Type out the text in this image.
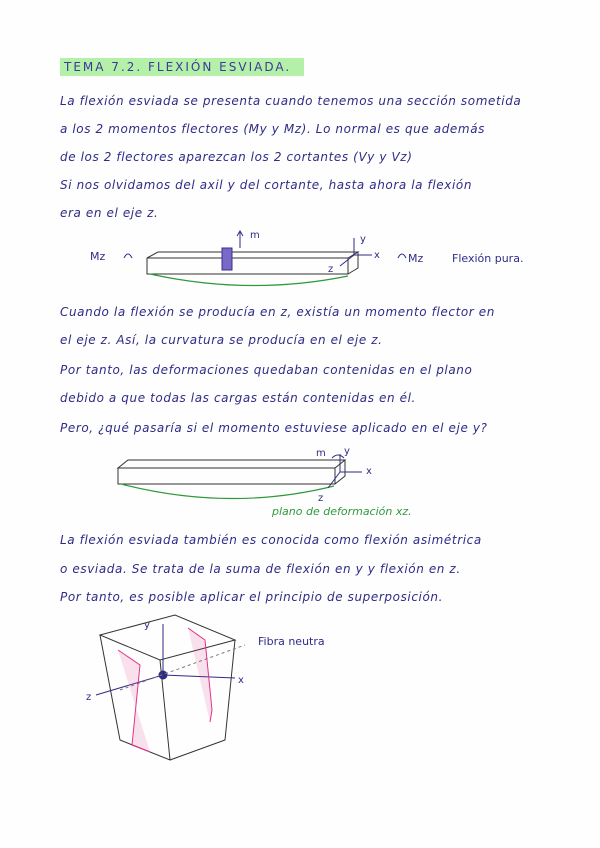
TEMA 7.2. FLEXIÓN ESVIADA.
La flexión esviada se presenta cuando tenemos una sección sometida
a los 2 momentos flectores (My y Mz). Lo normal es que además
de los 2 flectores aparezcan los 2 cortantes (Vy y Vz)
Si nos olvidamos del axil y del cortante, hasta ahora la flexión
era en el eje z.
Mz
m	y
x
z
Mz	Flexión pura.
Cuando la flexión se producía en z, existía un momento flector en
el eje z. Así, la curvatura se producía en el eje z.
Por tanto, las deformaciones quedaban contenidas en el plano
debido a que todas las cargas están contenidas en él.
Pero, ¿qué pasaría si el momento estuviese aplicado en el eje y?
m y
x
z
plano de deformación xz.
La flexión esviada también es conocida como flexión asimétrica
o esviada. Se trata de la suma de flexión en y y flexión en z.
Por tanto, es posible aplicar el principio de superposición.
y
x
z
Fibra neutra
